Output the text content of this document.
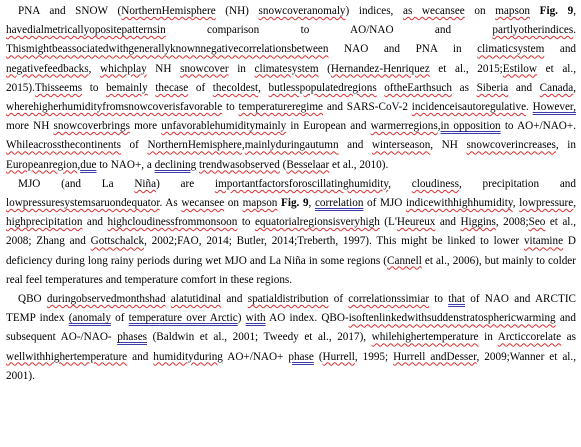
PNA and SNOW (NorthernHemisphere (NH) snowcoveranomaly) indices, as wecansee on mapson Fig. 9, havedialmetricallyopositepatternsin comparison to AO/NAO and partlyotherindices. Thismightbeassociatedwithgenerallyknownnegativecorrelationsbetween NAO and PNA in climaticsystem and negativefeedbacks, whichplay NH snowcover in climatesystem (Hernandez-Henriquez et al., 2015;Estilow et al., 2015).Thisseems to bemainly thecase of thecoldest, butlesspopulatedregions oftheEarthsuch as Siberia and Canada, wherehigherhumidityfromsnowcoverisfavorable to temperatureregime and SARS-CoV-2 incidenceisautoregulative. However, more NH snowcoverbrings more unfavorablehumiditymainly in European and warmerregions,in opposition to AO+/NAO+. Whileacrossthecontinents of NorthernHemisphere,mainlyduringautumn and winterseason, NH snowcoverincreases, in Europeanregion,due to NAO+, a declining trendwasobserved (Besselaar et al., 2010).

MJO (and La Niña) are importantfactorsforoscillatinghumidity, cloudiness, precipitation and lowpressuresystemsaruondequator. As wecansee on mapson Fig. 9, correlation of MJO indicewithhighhumidity, lowpressure, highprecipitation and highcloudinessfrommonsoon to equatorialregionsisveryhigh (L'Heureux and Higgins, 2008;Seo et al., 2008; Zhang and Gottschalck, 2002;FAO, 2014; Butler, 2014;Treberth, 1997). This might be linked to lower vitamine D deficiency during long rainy periods during wet MJO and La Niña in some regions (Cannell et al., 2006), but mainly to colder real feel temperatures and temperature comfort in these regions.

QBO duringobservedmonthshad alatutidinal and spatialdistribution of correlationssimiar to that of NAO and ARCTIC TEMP index (anomaly of temperature over Arctic) with AO index. QBO-isoftenlinkedwithsuddenstratosphericwarming and subsequent AO-/NAO- phases (Baldwin et al., 2001; Tweedy et al., 2017), whilehighertemperature in Arcticcorelate as wellwithhighertemperature and humidityduring AO+/NAO+ phase (Hurrell, 1995; Hurrell andDesser, 2009;Wanner et al., 2001).
